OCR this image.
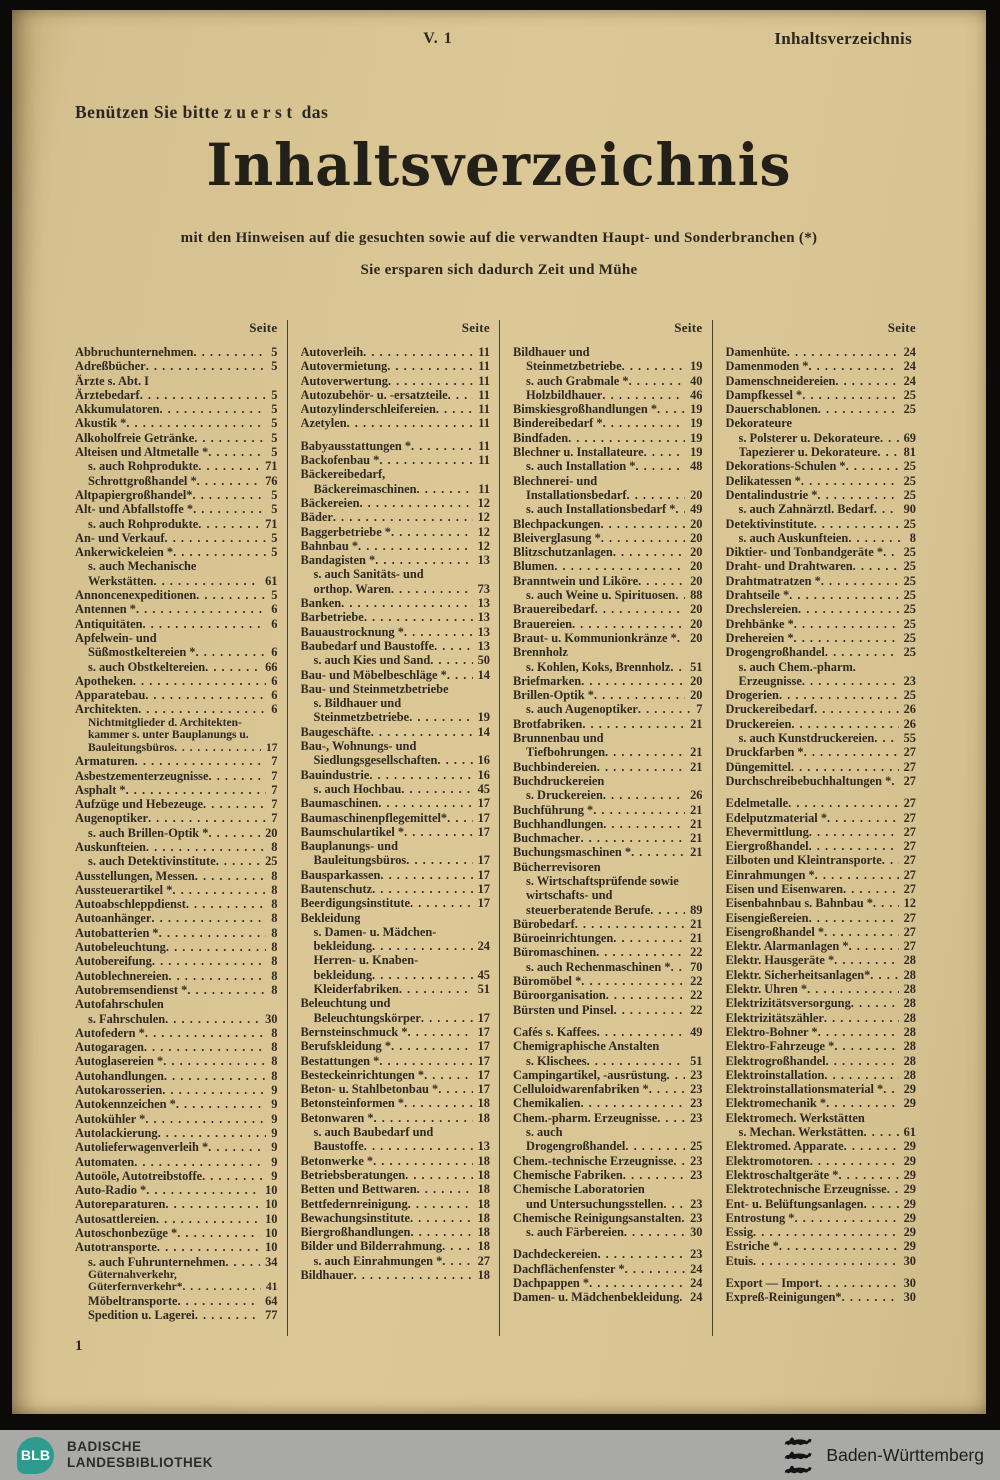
V. 1	Inhaltsverzeichnis
Benützen Sie bitte zuerst das
Inhaltsverzeichnis
mit den Hinweisen auf die gesuchten sowie auf die verwandten Haupt- und Sonderbranchen (*)
Sie ersparen sich dadurch Zeit und Mühe
Seite
Abbruchunternehmen . . .	5
Adreßbücher . . .	5
Ärzte s. Abt. I
Ärztebedarf . . .	5
Akkumulatoren . . .	5
Akustik * . . .	5
Alkoholfreie Getränke . . .	5
Alteisen und Altmetalle * . . .	5
s. auch Rohprodukte . . .	71
Schrottgroßhandel * . . .	76
Altpapiergroßhandel* . . .	5
Alt- und Abfallstoffe * . . .	5
s. auch Rohprodukte . . .	71
An- und Verkauf . . .	5
Ankerwickeleien * . . .	5
s. auch Mechanische
Werkstätten . . .	61
Annoncenexpeditionen . . .	5
Antennen * . . .	6
Antiquitäten . . .	6
Apfelwein- und
Süßmostkeltereien * . . .	6
s. auch Obstkeltereien . . .	66
Apotheken . . .	6
Apparatebau . . .	6
Architekten . . .	6
Nichtmitglieder d. Architekten-
kammer s. unter Bauplanungs u.
Bauleitungsbüros . . .	17
Armaturen . . .	7
Asbestzementerzeugnisse . . .	7
Asphalt * . . .	7
Aufzüge und Hebezeuge . . .	7
Augenoptiker . . .	7
s. auch Brillen-Optik * . . .	20
Auskunfteien . . .	8
s. auch Detektivinstitute . . .	25
Ausstellungen, Messen . . .	8
Aussteuerartikel * . . .	8
Autoabschleppdienst . . .	8
Autoanhänger . . .	8
Autobatterien * . . .	8
Autobeleuchtung . . .	8
Autobereifung . . .	8
Autoblechnereien . . .	8
Autobremsendienst * . . .	8
Autofahrschulen
s. Fahrschulen . . .	30
Autofedern * . . .	8
Autogaragen . . .	8
Autoglasereien * . . .	8
Autohandlungen . . .	8
Autokarosserien . . .	9
Autokennzeichen * . . .	9
Autokühler * . . .	9
Autolackierung . . .	9
Autolieferwagenverleih * . . .	9
Automaten . . .	9
Autoöle, Autotreibstoffe . . .	9
Auto-Radio * . . .	10
Autoreparaturen . . .	10
Autosattlereien . . .	10
Autoschonbezüge * . . .	10
Autotransporte . . .	10
s. auch Fuhrunternehmen . . .	34
Güternahverkehr,
Güterfernverkehr* . . .	41
Möbeltransporte . . .	64
Spedition u. Lagerei . . .	77
Seite
Autoverleih . . .	11
Autovermietung . . .	11
Autoverwertung . . .	11
Autozubehör- u. -ersatzteile . . .	11
Autozylinderschleifereien . . .	11
Azetylen . . .	11
Babyausstattungen * . . .	11
Backofenbau * . . .	11
Bäckereibedarf,
Bäckereimaschinen . . .	11
Bäckereien . . .	12
Bäder . . .	12
Baggerbetriebe * . . .	12
Bahnbau * . . .	12
Bandagisten * . . .	13
s. auch Sanitäts- und
orthop. Waren . . .	73
Banken . . .	13
Barbetriebe . . .	13
Bauaustrocknung * . . .	13
Baubedarf und Baustoffe . . .	13
s. auch Kies und Sand . . .	50
Bau- und Möbelbeschläge * . . .	14
Bau- und Steinmetzbetriebe
s. Bildhauer und
Steinmetzbetriebe . . .	19
Baugeschäfte . . .	14
Bau-, Wohnungs- und
Siedlungsgesellschaften . . .	16
Bauindustrie . . .	16
s. auch Hochbau . . .	45
Baumaschinen . . .	17
Baumaschinenpflegemittel* . . .	17
Baumschulartikel * . . .	17
Bauplanungs- und
Bauleitungsbüros . . .	17
Bausparkassen . . .	17
Bautenschutz . . .	17
Beerdigungsinstitute . . .	17
Bekleidung
s. Damen- u. Mädchen-
bekleidung . . .	24
Herren- u. Knaben-
bekleidung . . .	45
Kleiderfabriken . . .	51
Beleuchtung und
Beleuchtungskörper . . .	17
Bernsteinschmuck * . . .	17
Berufskleidung * . . .	17
Bestattungen * . . .	17
Besteckeinrichtungen * . . .	17
Beton- u. Stahlbetonbau * . . .	17
Betonsteinformen * . . .	18
Betonwaren * . . .	18
s. auch Baubedarf und
Baustoffe . . .	13
Betonwerke * . . .	18
Betriebsberatungen . . .	18
Betten und Bettwaren . . .	18
Bettfedernreinigung . . .	18
Bewachungsinstitute . . .	18
Biergroßhandlungen . . .	18
Bilder und Bilderrahmung . . .	18
s. auch Einrahmungen * . . .	27
Bildhauer . . .	18
Seite
Bildhauer und
Steinmetzbetriebe . . .	19
s. auch Grabmale * . . .	40
Holzbildhauer . . .	46
Bimskiesgroßhandlungen * . . .	19
Bindereibedarf * . . .	19
Bindfaden . . .	19
Blechner u. Installateure . . .	19
s. auch Installation * . . .	48
Blechnerei- und
Installationsbedarf . . .	20
s. auch Installationsbedarf * . . .	49
Blechpackungen . . .	20
Bleiverglasung * . . .	20
Blitzschutzanlagen . . .	20
Blumen . . .	20
Branntwein und Liköre . . .	20
s. auch Weine u. Spirituosen . . .	88
Brauereibedarf . . .	20
Brauereien . . .	20
Braut- u. Kommunionkränze * . . .	20
Brennholz
s. Kohlen, Koks, Brennholz . . .	51
Briefmarken . . .	20
Brillen-Optik * . . .	20
s. auch Augenoptiker . . .	7
Brotfabriken . . .	21
Brunnenbau und
Tiefbohrungen . . .	21
Buchbindereien . . .	21
Buchdruckereien
s. Druckereien . . .	26
Buchführung * . . .	21
Buchhandlungen . . .	21
Buchmacher . . .	21
Buchungsmaschinen * . . .	21
Bücherrevisoren
s. Wirtschaftsprüfende sowie
wirtschafts- und
steuerberatende Berufe . . .	89
Bürobedarf . . .	21
Büroeinrichtungen . . .	21
Büromaschinen . . .	22
s. auch Rechenmaschinen * . . .	70
Büromöbel * . . .	22
Büroorganisation . . .	22
Bürsten und Pinsel . . .	22
Cafés s. Kaffees . . .	49
Chemigraphische Anstalten
s. Klischees . . .	51
Campingartikel, -ausrüstung . . .	23
Celluloidwarenfabriken * . . .	23
Chemikalien . . .	23
Chem.-pharm. Erzeugnisse . . .	23
s. auch
Drogengroßhandel . . .	25
Chem.-technische Erzeugnisse . . .	23
Chemische Fabriken . . .	23
Chemische Laboratorien
und Untersuchungsstellen . . .	23
Chemische Reinigungsanstalten . . . 23
s. auch Färbereien . . .	30
Dachdeckereien . . .	23
Dachflächenfenster * . . .	24
Dachpappen * . . .	24
Damen- u. Mädchenbekleidung . . . 24
Seite
Damenhüte . . .	24
Damenmoden * . . .	24
Damenschneidereien . . .	24
Dampfkessel * . . .	25
Dauerschablonen . . .	25
Dekorateure
s. Polsterer u. Dekorateure . . .	69
Tapezierer u. Dekorateure . . .	81
Dekorations-Schulen * . . .	25
Delikatessen * . . .	25
Dentalindustrie * . . .	25
s. auch Zahnärztl. Bedarf . . .	90
Detektivinstitute . . .	25
s. auch Auskunfteien . . .	8
Diktier- und Tonbandgeräte * . . .	25
Draht- und Drahtwaren . . .	25
Drahtmatratzen * . . .	25
Drahtseile * . . .	25
Drechslereien . . .	25
Drehbänke * . . .	25
Drehereien * . . .	25
Drogengroßhandel . . .	25
s. auch Chem.-pharm.
Erzeugnisse . . .	23
Drogerien . . .	25
Druckereibedarf . . .	26
Druckereien . . .	26
s. auch Kunstdruckereien . . .	55
Druckfarben * . . .	27
Düngemittel . . .	27
Durchschreibebuchhaltungen * . . . 27
Edelmetalle . . .	27
Edelputzmaterial * . . .	27
Ehevermittlung . . .	27
Eiergroßhandel . . .	27
Eilboten und Kleintransporte . . .	27
Einrahmungen * . . .	27
Eisen und Eisenwaren . . .	27
Eisenbahnbau s. Bahnbau * . . .	12
Eisengießereien . . .	27
Eisengroßhandel * . . .	27
Elektr. Alarmanlagen * . . .	27
Elektr. Hausgeräte * . . .	28
Elektr. Sicherheitsanlagen* . . .	28
Elektr. Uhren * . . .	28
Elektrizitätsversorgung . . .	28
Elektrizitätszähler . . .	28
Elektro-Bohner * . . .	28
Elektro-Fahrzeuge * . . .	28
Elektrogroßhandel . . .	28
Elektroinstallation . . .	28
Elektroinstallationsmaterial * . . .	29
Elektromechanik * . . .	29
Elektromech. Werkstätten
s. Mechan. Werkstätten . . .	61
Elektromed. Apparate . . .	29
Elektromotoren . . .	29
Elektroschaltgeräte * . . .	29
Elektrotechnische Erzeugnisse . . .	29
Ent- u. Belüftungsanlagen . . .	29
Entrostung * . . .	29
Essig . . .	29
Estriche * . . .	29
Etuis . . .	30
Export — Import . . .	30
Expreß-Reinigungen* . . .	30
1
BLB
BADISCHE
LANDESBIBLIOTHEK	Baden-Württemberg
